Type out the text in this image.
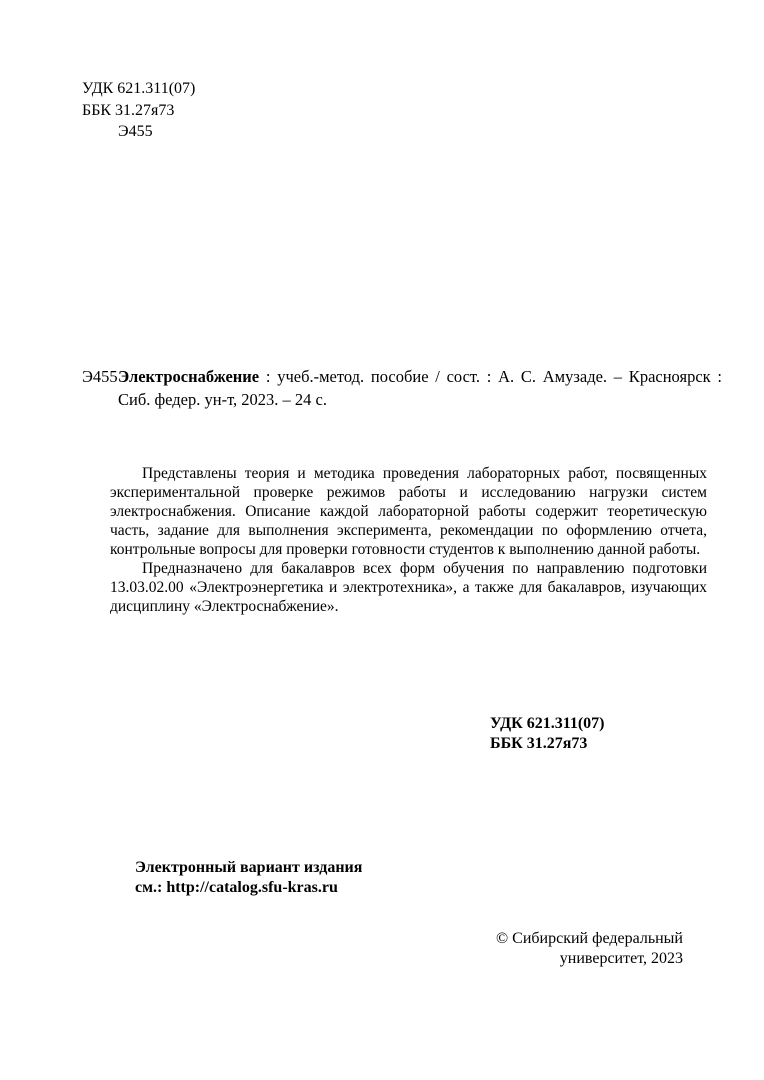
УДК 621.311(07)
ББК 31.27я73
Э455
Э455 Электроснабжение : учеб.-метод. пособие / сост. : А. С. Амузаде. – Красноярск : Сиб. федер. ун-т, 2023. – 24 с.

Представлены теория и методика проведения лабораторных работ, посвященных экспериментальной проверке режимов работы и исследованию нагрузки систем электроснабжения. Описание каждой лабораторной работы содержит теоретическую часть, задание для выполнения эксперимента, рекомендации по оформлению отчета, контрольные вопросы для проверки готовности студентов к выполнению данной работы.

Предназначено для бакалавров всех форм обучения по направлению подготовки 13.03.02.00 «Электроэнергетика и электротехника», а также для бакалавров, изучающих дисциплину «Электроснабжение».

УДК 621.311(07)
ББК 31.27я73
Электронный вариант издания
см.: http://catalog.sfu-kras.ru
© Сибирский федеральный
университет, 2023
